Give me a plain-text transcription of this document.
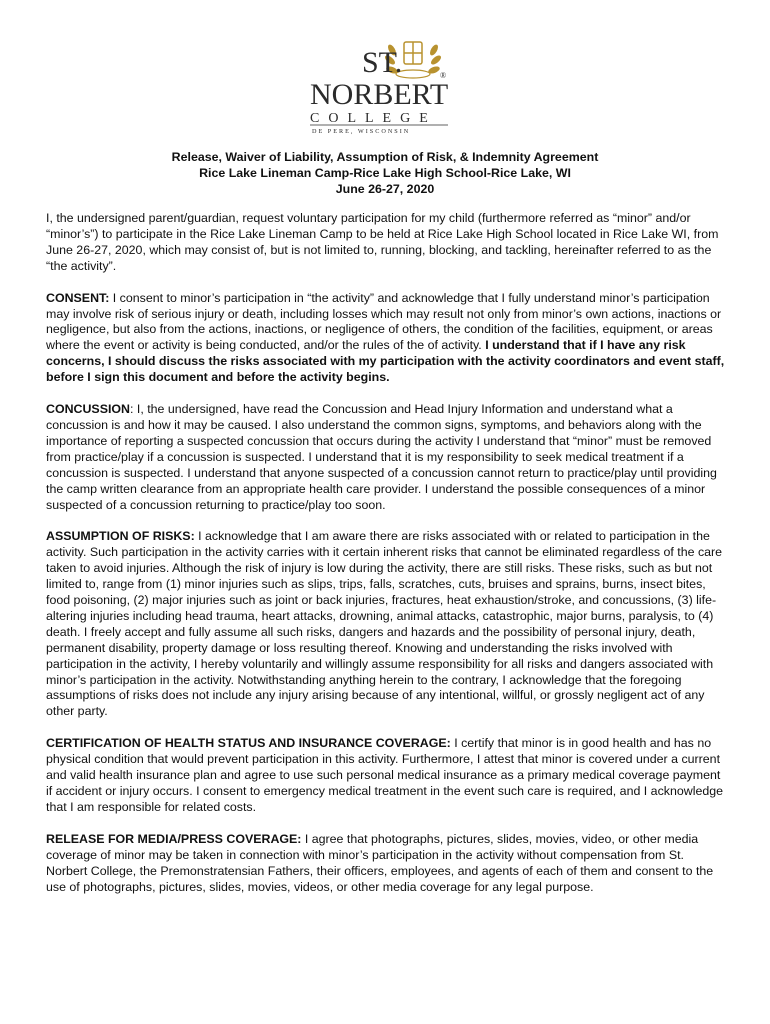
ST.	®
NORBERT
COLLEGE
DE PERE, WISCONSIN
Release, Waiver of Liability, Assumption of Risk, & Indemnity Agreement
Rice Lake Lineman Camp-Rice Lake High School-Rice Lake, WI
June 26-27, 2020

I, the undersigned parent/guardian, request voluntary participation for my child (furthermore referred as “minor” and/or “minor’s”) to participate in the Rice Lake Lineman Camp to be held at Rice Lake High School located in Rice Lake WI, from June 26-27, 2020, which may consist of, but is not limited to, running, blocking, and tackling, hereinafter referred to as the “the activity”.

CONSENT: I consent to minor’s participation in “the activity” and acknowledge that I fully understand minor’s participation may involve risk of serious injury or death, including losses which may result not only from minor’s own actions, inactions or negligence, but also from the actions, inactions, or negligence of others, the condition of the facilities, equipment, or areas where the event or activity is being conducted, and/or the rules of the of activity. I understand that if I have any risk concerns, I should discuss the risks associated with my participation with the activity coordinators and event staff, before I sign this document and before the activity begins.

CONCUSSION: I, the undersigned, have read the Concussion and Head Injury Information and understand what a concussion is and how it may be caused. I also understand the common signs, symptoms, and behaviors along with the importance of reporting a suspected concussion that occurs during the activity I understand that “minor” must be removed from practice/play if a concussion is suspected. I understand that it is my responsibility to seek medical treatment if a concussion is suspected. I understand that anyone suspected of a concussion cannot return to practice/play until providing the camp written clearance from an appropriate health care provider. I understand the possible consequences of a minor suspected of a concussion returning to practice/play too soon.

ASSUMPTION OF RISKS: I acknowledge that I am aware there are risks associated with or related to participation in the activity. Such participation in the activity carries with it certain inherent risks that cannot be eliminated regardless of the care taken to avoid injuries. Although the risk of injury is low during the activity, there are still risks. These risks, such as but not limited to, range from (1) minor injuries such as slips, trips, falls, scratches, cuts, bruises and sprains, burns, insect bites, food poisoning, (2) major injuries such as joint or back injuries, fractures, heat exhaustion/stroke, and concussions, (3) life-altering injuries including head trauma, heart attacks, drowning, animal attacks, catastrophic, major burns, paralysis, to (4) death. I freely accept and fully assume all such risks, dangers and hazards and the possibility of personal injury, death, permanent disability, property damage or loss resulting thereof. Knowing and understanding the risks involved with participation in the activity, I hereby voluntarily and willingly assume responsibility for all risks and dangers associated with minor’s participation in the activity. Notwithstanding anything herein to the contrary, I acknowledge that the foregoing assumptions of risks does not include any injury arising because of any intentional, willful, or grossly negligent act of any other party.

CERTIFICATION OF HEALTH STATUS AND INSURANCE COVERAGE: I certify that minor is in good health and has no physical condition that would prevent participation in this activity. Furthermore, I attest that minor is covered under a current and valid health insurance plan and agree to use such personal medical insurance as a primary medical coverage payment if accident or injury occurs. I consent to emergency medical treatment in the event such care is required, and I acknowledge that I am responsible for related costs.

RELEASE FOR MEDIA/PRESS COVERAGE: I agree that photographs, pictures, slides, movies, video, or other media coverage of minor may be taken in connection with minor’s participation in the activity without compensation from St. Norbert College, the Premonstratensian Fathers, their officers, employees, and agents of each of them and consent to the use of photographs, pictures, slides, movies, videos, or other media coverage for any legal purpose.
